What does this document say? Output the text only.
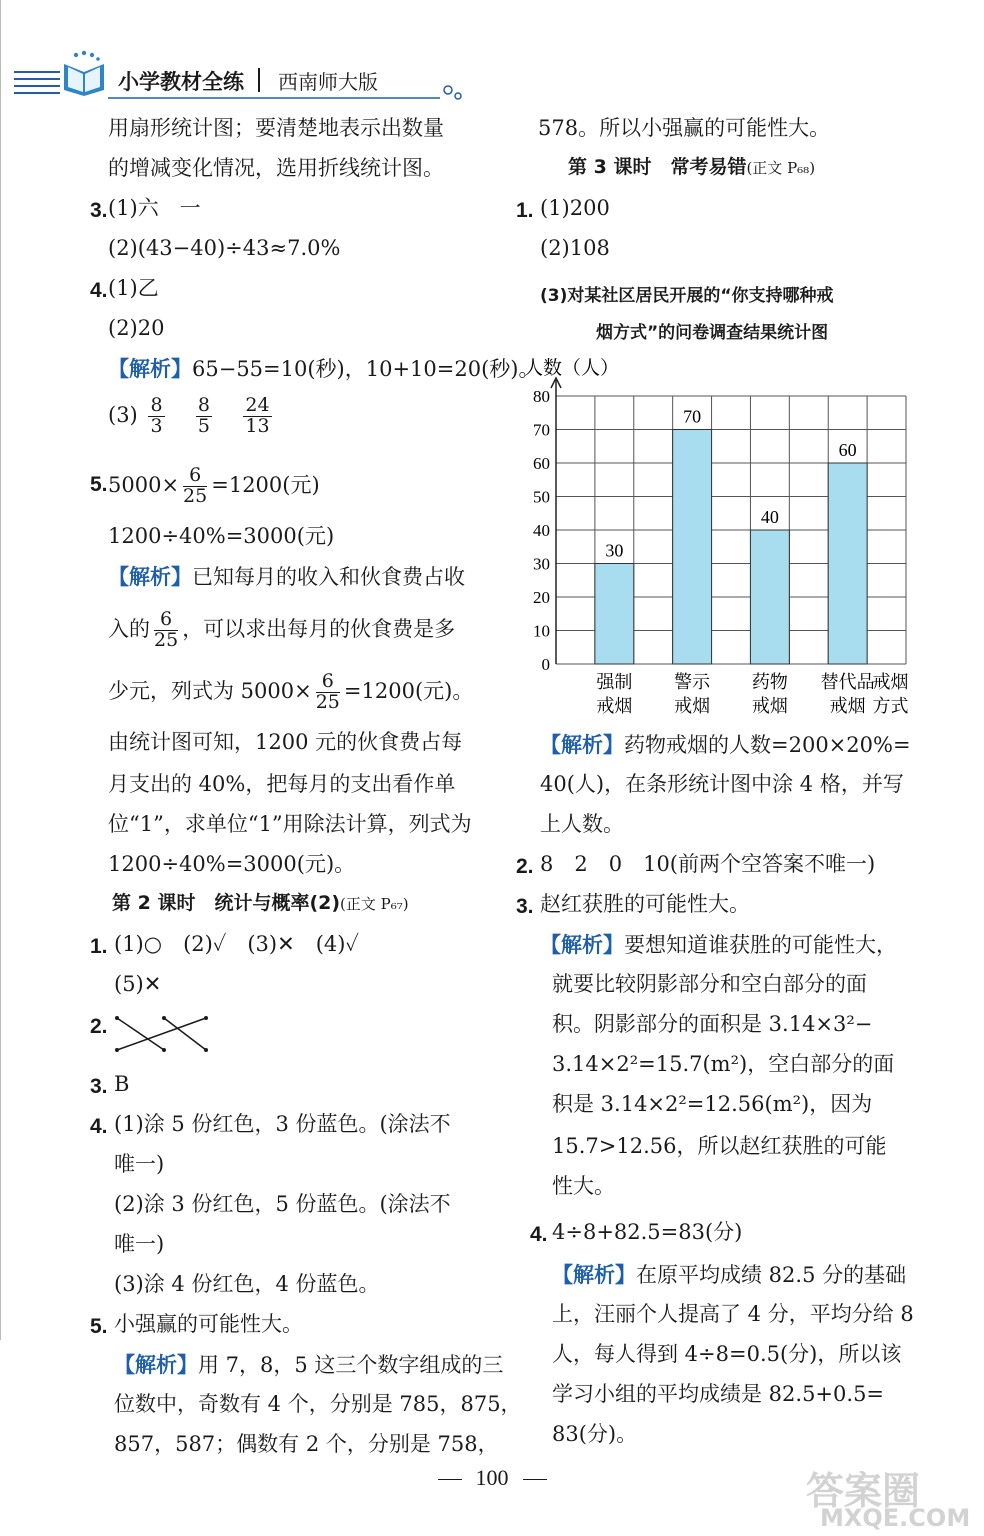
小学教材全练 西南师大版
用扇形统计图；要清楚地表示出数量
的增减变化情况，选用折线统计图。
3. (1)六　一
(2)(43−40)÷43≈7.0%
4. (1)乙
(2)20
【解析】65−55=10(秒)，10+10=20(秒)。
$(3) \frac{8}{3}$
$\frac{8}{5}$
$\frac{24}{13}$
5. $5000\times \frac{6}{25} =1200$(元)
1200÷40%=3000(元)
【解析】已知每月的收入和伙食费占收
入的 $\frac{6}{25}$ ，可以求出每月的伙食费是多
少元，列式为 $5000\times \frac{6}{25} =1200$(元)。
由统计图可知，1200 元的伙食费占每
月支出的 40%，把每月的支出看作单
位“1”，求单位“1”用除法计算，列式为
1200÷40%=3000(元)。
第 2 课时　统计与概率(2)(正文 P₆₇)
1. (1)○　(2)✓　(3)✕　(4)✓
(5)✕
2.
3. B
4. (1)涂 5 份红色，3 份蓝色。(涂法不
唯一)
(2)涂 3 份红色，5 份蓝色。(涂法不
唯一)
(3)涂 4 份红色，4 份蓝色。
5. 小强赢的可能性大。
【解析】用 7，8，5 这三个数字组成的三
位数中，奇数有 4 个，分别是 785，875，
857，587；偶数有 2 个，分别是 758，
578。所以小强赢的可能性大。
第 3 课时　常考易错(正文 P₆₈)
1. (1)200
(2)108
(3)对某社区居民开展的“你支持哪种戒
烟方式”的问卷调查结果统计图
人数（人）
0
10
20
30
40
50
60
70
80
30
强制
戒烟
70
警示
戒烟
40
药物
戒烟
60
替代品
戒烟
戒烟
方式
【解析】药物戒烟的人数=200×20%=
40(人)，在条形统计图中涂 4 格，并写
上人数。
2. 8　2　0　10(前两个空答案不唯一)
3. 赵红获胜的可能性大。
【解析】要想知道谁获胜的可能性大，
就要比较阴影部分和空白部分的面
积。阴影部分的面积是 3.14×3²−
3.14×2²=15.7(m²)，空白部分的面
积是 3.14×2²=12.56(m²)，因为
15.7>12.56，所以赵红获胜的可能
性大。
4. 4÷8+82.5=83(分)
【解析】在原平均成绩 82.5 分的基础
上，汪丽个人提高了 4 分，平均分给 8
人，每人得到 4÷8=0.5(分)，所以该
学习小组的平均成绩是 82.5+0.5=
83(分)。
100	答案圈
MXQE.COM
